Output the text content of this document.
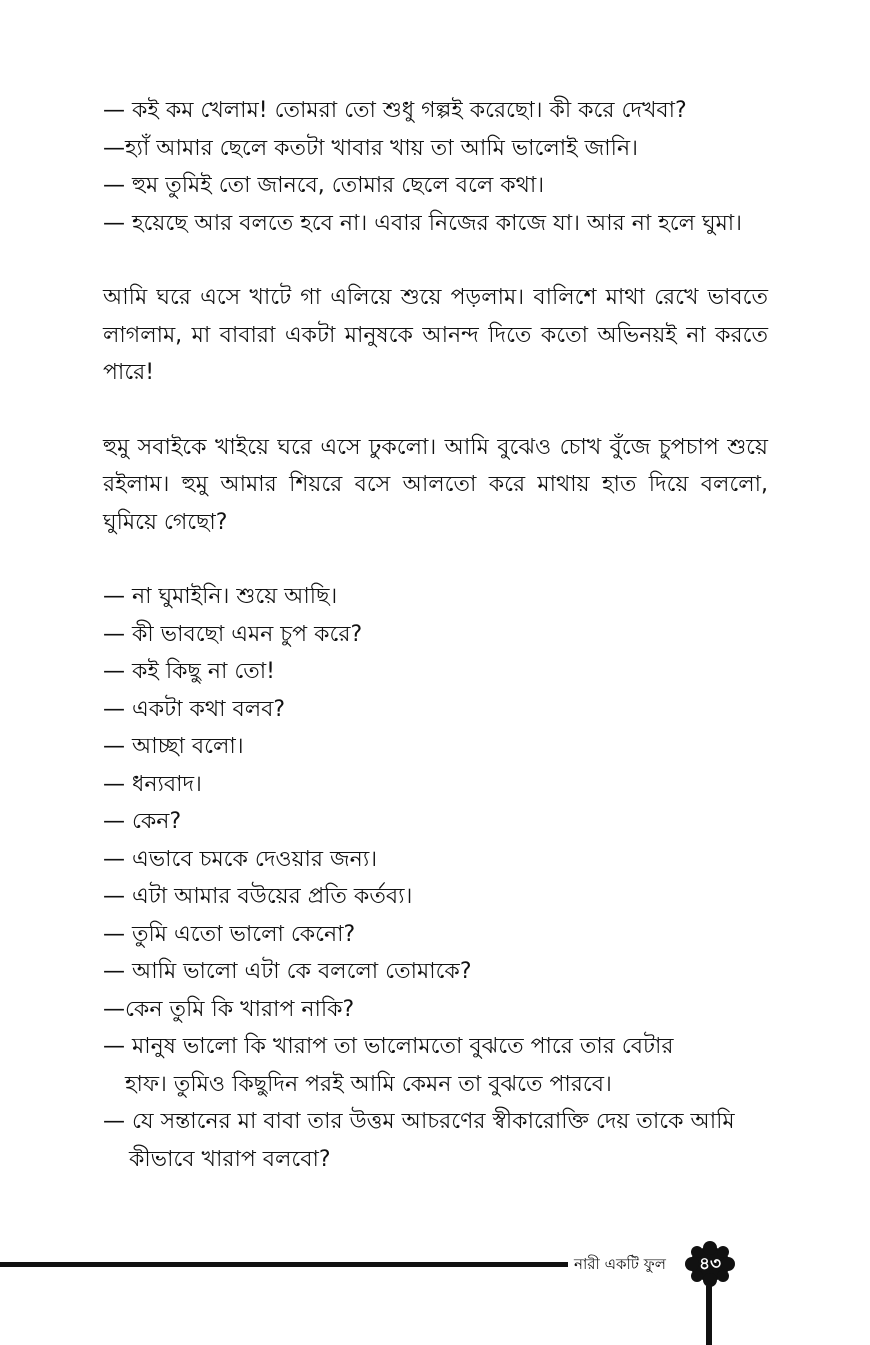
— কই কম খেলাম! তোমরা তো শুধু গল্পই করেছো। কী করে দেখবা?
—হ্যাঁ আমার ছেলে কতটা খাবার খায় তা আমি ভালোই জানি।
— হুম তুমিই তো জানবে, তোমার ছেলে বলে কথা।
— হয়েছে আর বলতে হবে না। এবার নিজের কাজে যা। আর না হলে ঘুমা।
আমি ঘরে এসে খাটে গা এলিয়ে শুয়ে পড়লাম। বালিশে মাথা রেখে ভাবতে লাগলাম, মা বাবারা একটা মানুষকে আনন্দ দিতে কতো অভিনয়ই না করতে পারে!
হুমু সবাইকে খাইয়ে ঘরে এসে ঢুকলো। আমি বুঝেও চোখ বুঁজে চুপচাপ শুয়ে রইলাম। হুমু আমার শিয়রে বসে আলতো করে মাথায় হাত দিয়ে বললো, ঘুমিয়ে গেছো?
— না ঘুমাইনি। শুয়ে আছি।
— কী ভাবছো এমন চুপ করে?
— কই কিছু না তো!
— একটা কথা বলব?
— আচ্ছা বলো।
— ধন্যবাদ।
— কেন?
— এভাবে চমকে দেওয়ার জন্য।
— এটা আমার বউয়ের প্রতি কর্তব্য।
— তুমি এতো ভালো কেনো?
— আমি ভালো এটা কে বললো তোমাকে?
—কেন তুমি কি খারাপ নাকি?
— মানুষ ভালো কি খারাপ তা ভালোমতো বুঝতে পারে তার বেটার
হাফ। তুমিও কিছুদিন পরই আমি কেমন তা বুঝতে পারবে।
— যে সন্তানের মা বাবা তার উত্তম আচরণের স্বীকারোক্তি দেয় তাকে আমি
কীভাবে খারাপ বলবো?
নারী একটি ফুল	৪৩
